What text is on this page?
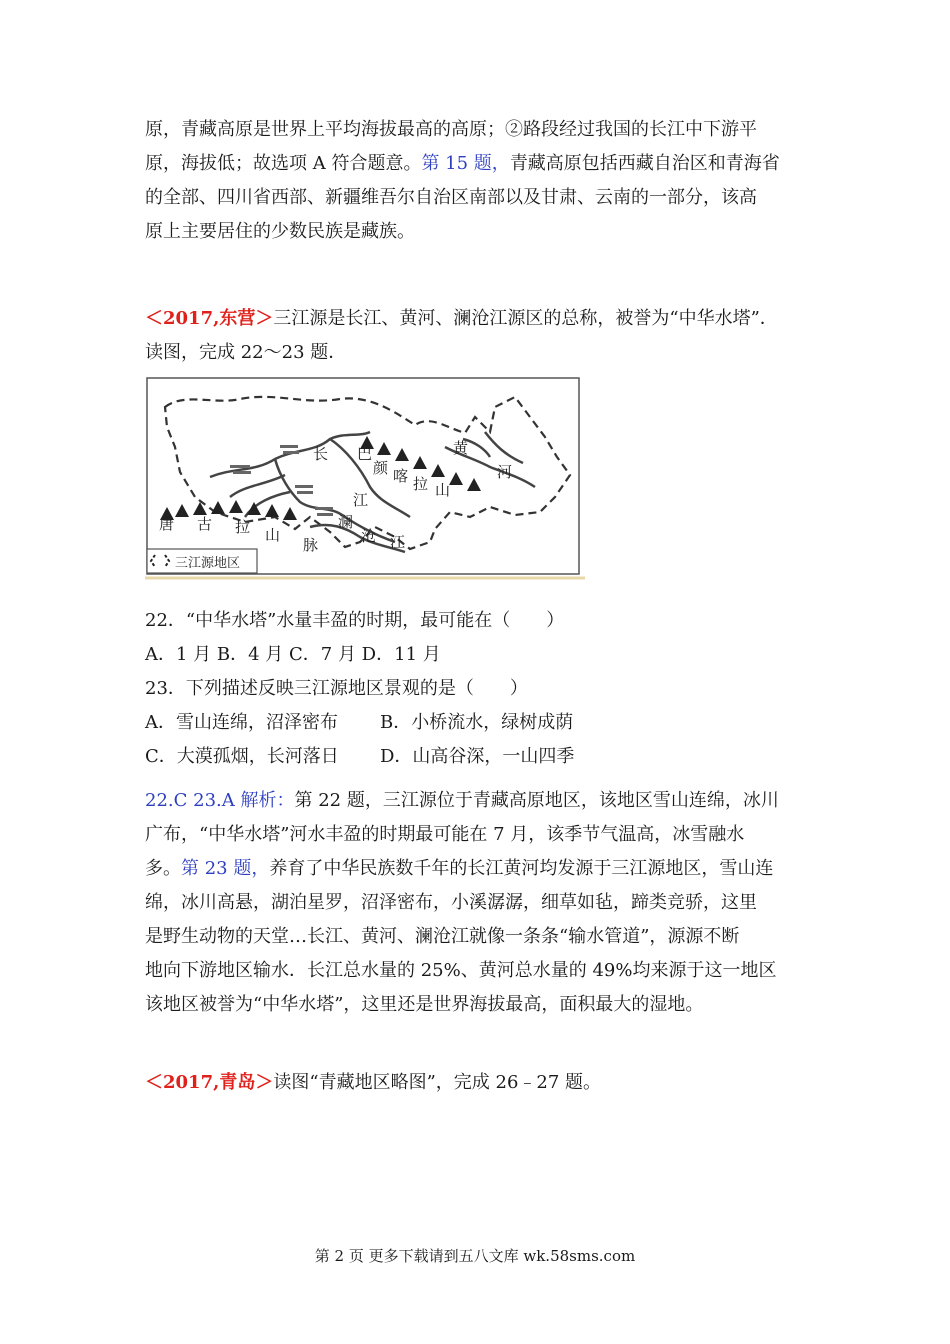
原，青藏高原是世界上平均海拔最高的高原；②路段经过我国的长江中下游平
原，海拔低；故选项 A 符合题意。第 15 题，青藏高原包括西藏自治区和青海省
的全部、四川省西部、新疆维吾尔自治区南部以及甘肃、云南的一部分，该高
原上主要居住的少数民族是藏族。
＜2017,东营＞三江源是长江、黄河、澜沧江源区的总称，被誉为“中华水塔”．
读图，完成 22～23 题．
长
江
巴
颜 喀 拉 山
黄
河
唐 古 拉 山
脉
澜
沧 江
三江源地区
22．“中华水塔”水量丰盈的时期，最可能在（　　）
A．1 月 B．4 月 C．7 月 D．11 月
23．下列描述反映三江源地区景观的是（　　）
A．雪山连绵，沼泽密布 B．小桥流水，绿树成荫
C．大漠孤烟，长河落日 D．山高谷深，一山四季
22.C 23.A 解析：第 22 题，三江源位于青藏高原地区，该地区雪山连绵，冰川
广布，“中华水塔”河水丰盈的时期最可能在 7 月，该季节气温高，冰雪融水
多。第 23 题，养育了中华民族数千年的长江黄河均发源于三江源地区，雪山连
绵，冰川高悬，湖泊星罗，沼泽密布，小溪潺潺，细草如毡，蹄类竞骄，这里
是野生动物的天堂…长江、黄河、澜沧江就像一条条“输水管道”，源源不断
地向下游地区输水．长江总水量的 25%、黄河总水量的 49%均来源于这一地区
该地区被誉为“中华水塔”，这里还是世界海拔最高，面积最大的湿地。
＜2017,青岛＞读图“青藏地区略图”，完成 26﹣27 题。
第 2 页 更多下载请到五八文库 wk.58sms.com
